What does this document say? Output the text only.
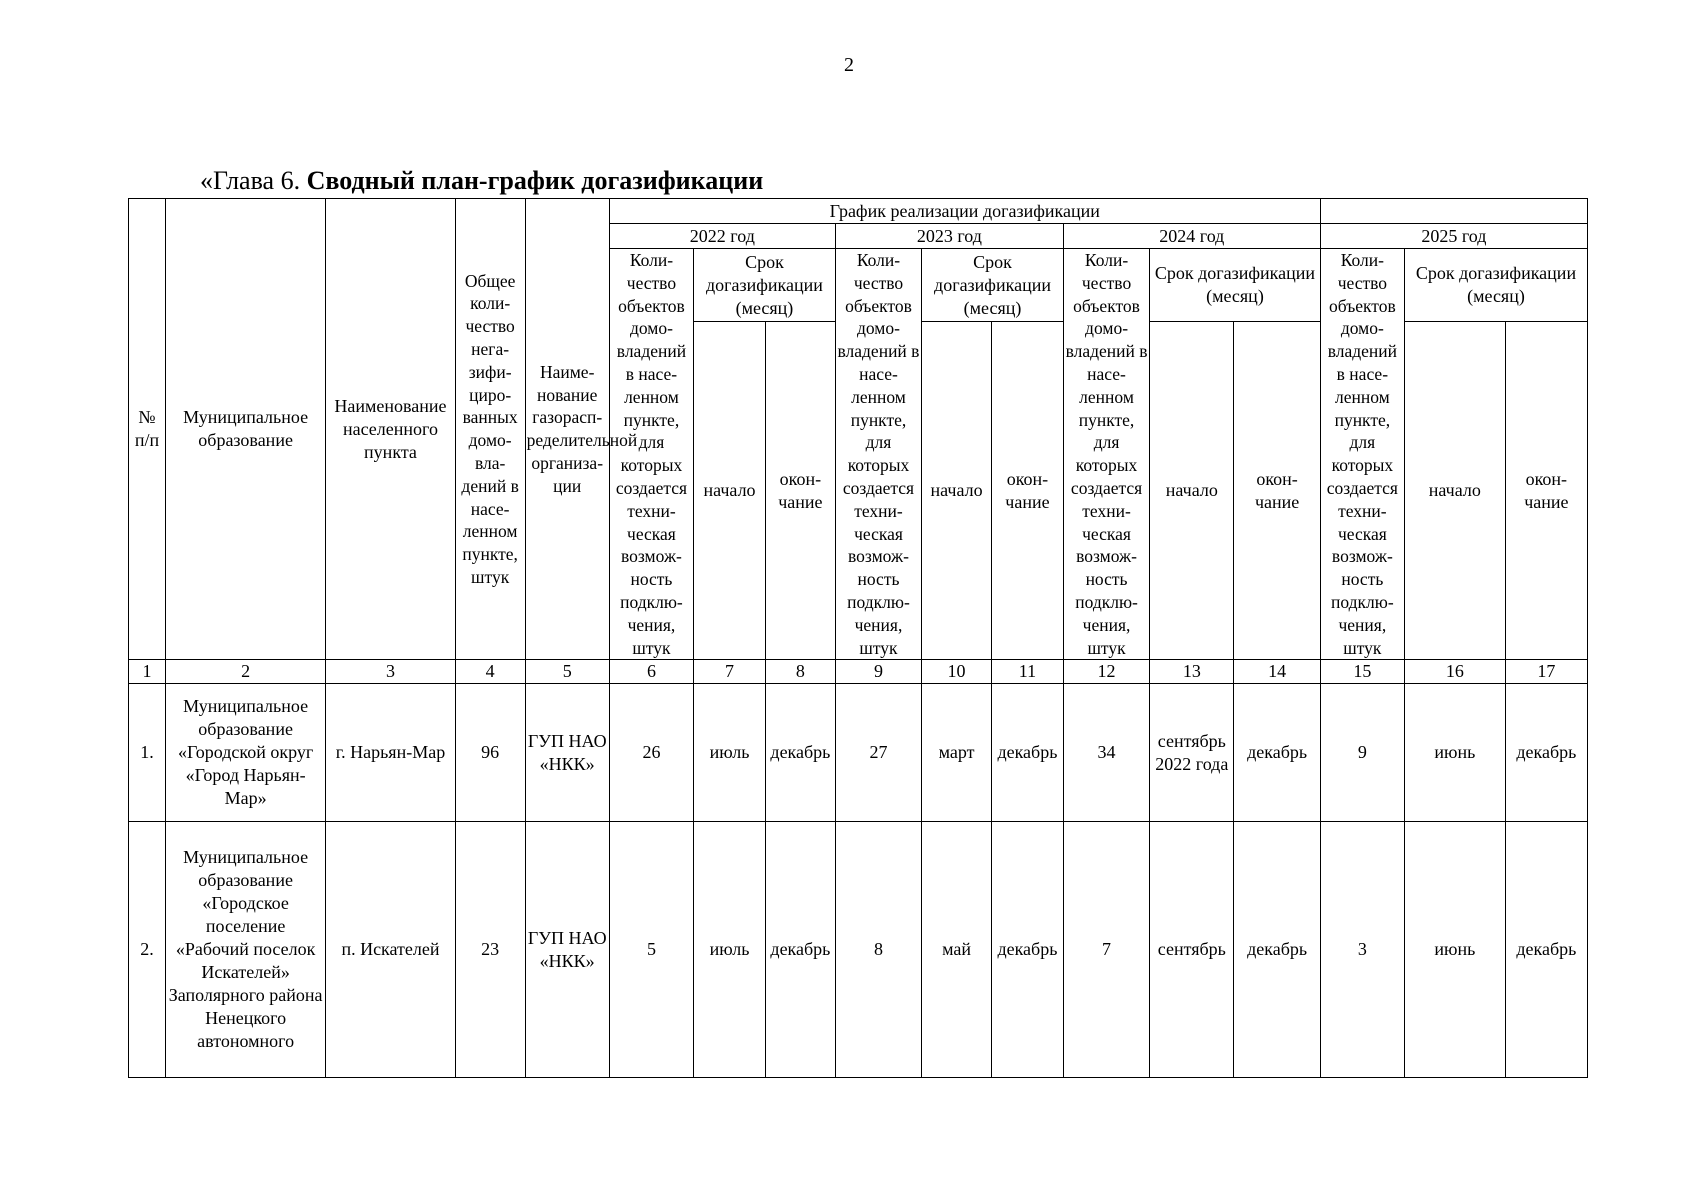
2
«Глава 6. Сводный план-график догазификации
№ п/п	Муниципальное образование	Наименование населенного пункта	Общее коли-чество нега-зифи-циро-ванных домо-вла-дений в насе-ленном пункте, штук	Наиме-нование газорасп-ределительной организа-ции	График реализации догазификации											
					2022 год			2023 год			2024 год			2025 год		
					Коли-чество объектов домо-владений в насе-ленном пункте, для которых создается техни-ческая возмож-ность подклю-чения, штук	Срок догазификации (месяц)		Коли-чество объектов домо-владений в насе-ленном пункте, для которых создается техни-ческая возмож-ность подклю-чения, штук	Срок догазификации (месяц)		Коли-чество объектов домо-владений в насе-ленном пункте, для которых создается техни-ческая возмож-ность подклю-чения, штук	Срок догазификации (месяц)		Коли-чество объектов домо-владений в насе-ленном пункте, для которых создается техни-ческая возмож-ность подклю-чения, штук	Срок догазификации (месяц)	
						начало	окон-чание		начало	окон-чание		начало	окон-чание		начало	окон-чание

1	2	3	4	5	6	7	8	9	10	11	12	13	14	15	16	17
1.	Муниципальное образование «Городской округ «Город Нарьян-Мар»	г. Нарьян-Мар	96	ГУП НАО «НКК»	26	июль	декабрь	27	март	декабрь	34	сентябрь 2022 года	декабрь	9	июнь	декабрь
2.	Муниципальное образование «Городское поселение «Рабочий поселок Искателей» Заполярного района Ненецкого автономного	п. Искателей	23	ГУП НАО «НКК»	5	июль	декабрь	8	май	декабрь	7	сентябрь	декабрь	3	июнь	декабрь
